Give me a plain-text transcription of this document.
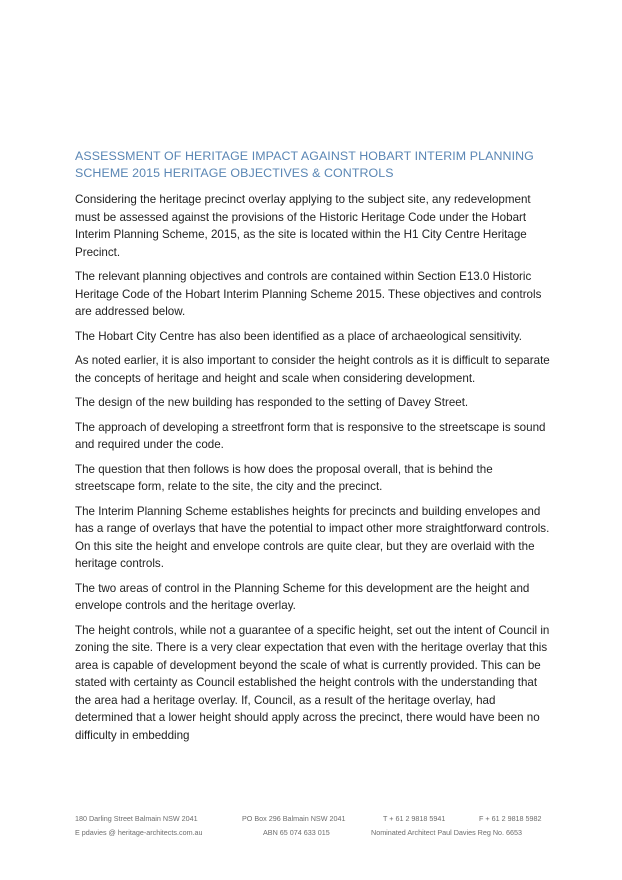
ASSESSMENT OF HERITAGE IMPACT AGAINST HOBART INTERIM PLANNING SCHEME 2015 HERITAGE OBJECTIVES & CONTROLS

Considering the heritage precinct overlay applying to the subject site, any redevelopment must be assessed against the provisions of the Historic Heritage Code under the Hobart Interim Planning Scheme, 2015, as the site is located within the H1 City Centre Heritage Precinct.

The relevant planning objectives and controls are contained within Section E13.0 Historic Heritage Code of the Hobart Interim Planning Scheme 2015. These objectives and controls are addressed below.

The Hobart City Centre has also been identified as a place of archaeological sensitivity.

As noted earlier, it is also important to consider the height controls as it is difficult to separate the concepts of heritage and height and scale when considering development.

The design of the new building has responded to the setting of Davey Street.

The approach of developing a streetfront form that is responsive to the streetscape is sound and required under the code.

The question that then follows is how does the proposal overall, that is behind the streetscape form, relate to the site, the city and the precinct.

The Interim Planning Scheme establishes heights for precincts and building envelopes and has a range of overlays that have the potential to impact other more straightforward controls. On this site the height and envelope controls are quite clear, but they are overlaid with the heritage controls.

The two areas of control in the Planning Scheme for this development are the height and envelope controls and the heritage overlay.

The height controls, while not a guarantee of a specific height, set out the intent of Council in zoning the site. There is a very clear expectation that even with the heritage overlay that this area is capable of development beyond the scale of what is currently provided. This can be stated with certainty as Council established the height controls with the understanding that the area had a heritage overlay. If, Council, as a result of the heritage overlay, had determined that a lower height should apply across the precinct, there would have been no difficulty in embedding

180 Darling Street Balmain NSW 2041	PO Box 296 Balmain NSW 2041	T + 61 2 9818 5941	F + 61 2 9818 5982
E pdavies @ heritage-architects.com.au	ABN 65 074 633 015	Nominated Architect Paul Davies Reg No. 6653
